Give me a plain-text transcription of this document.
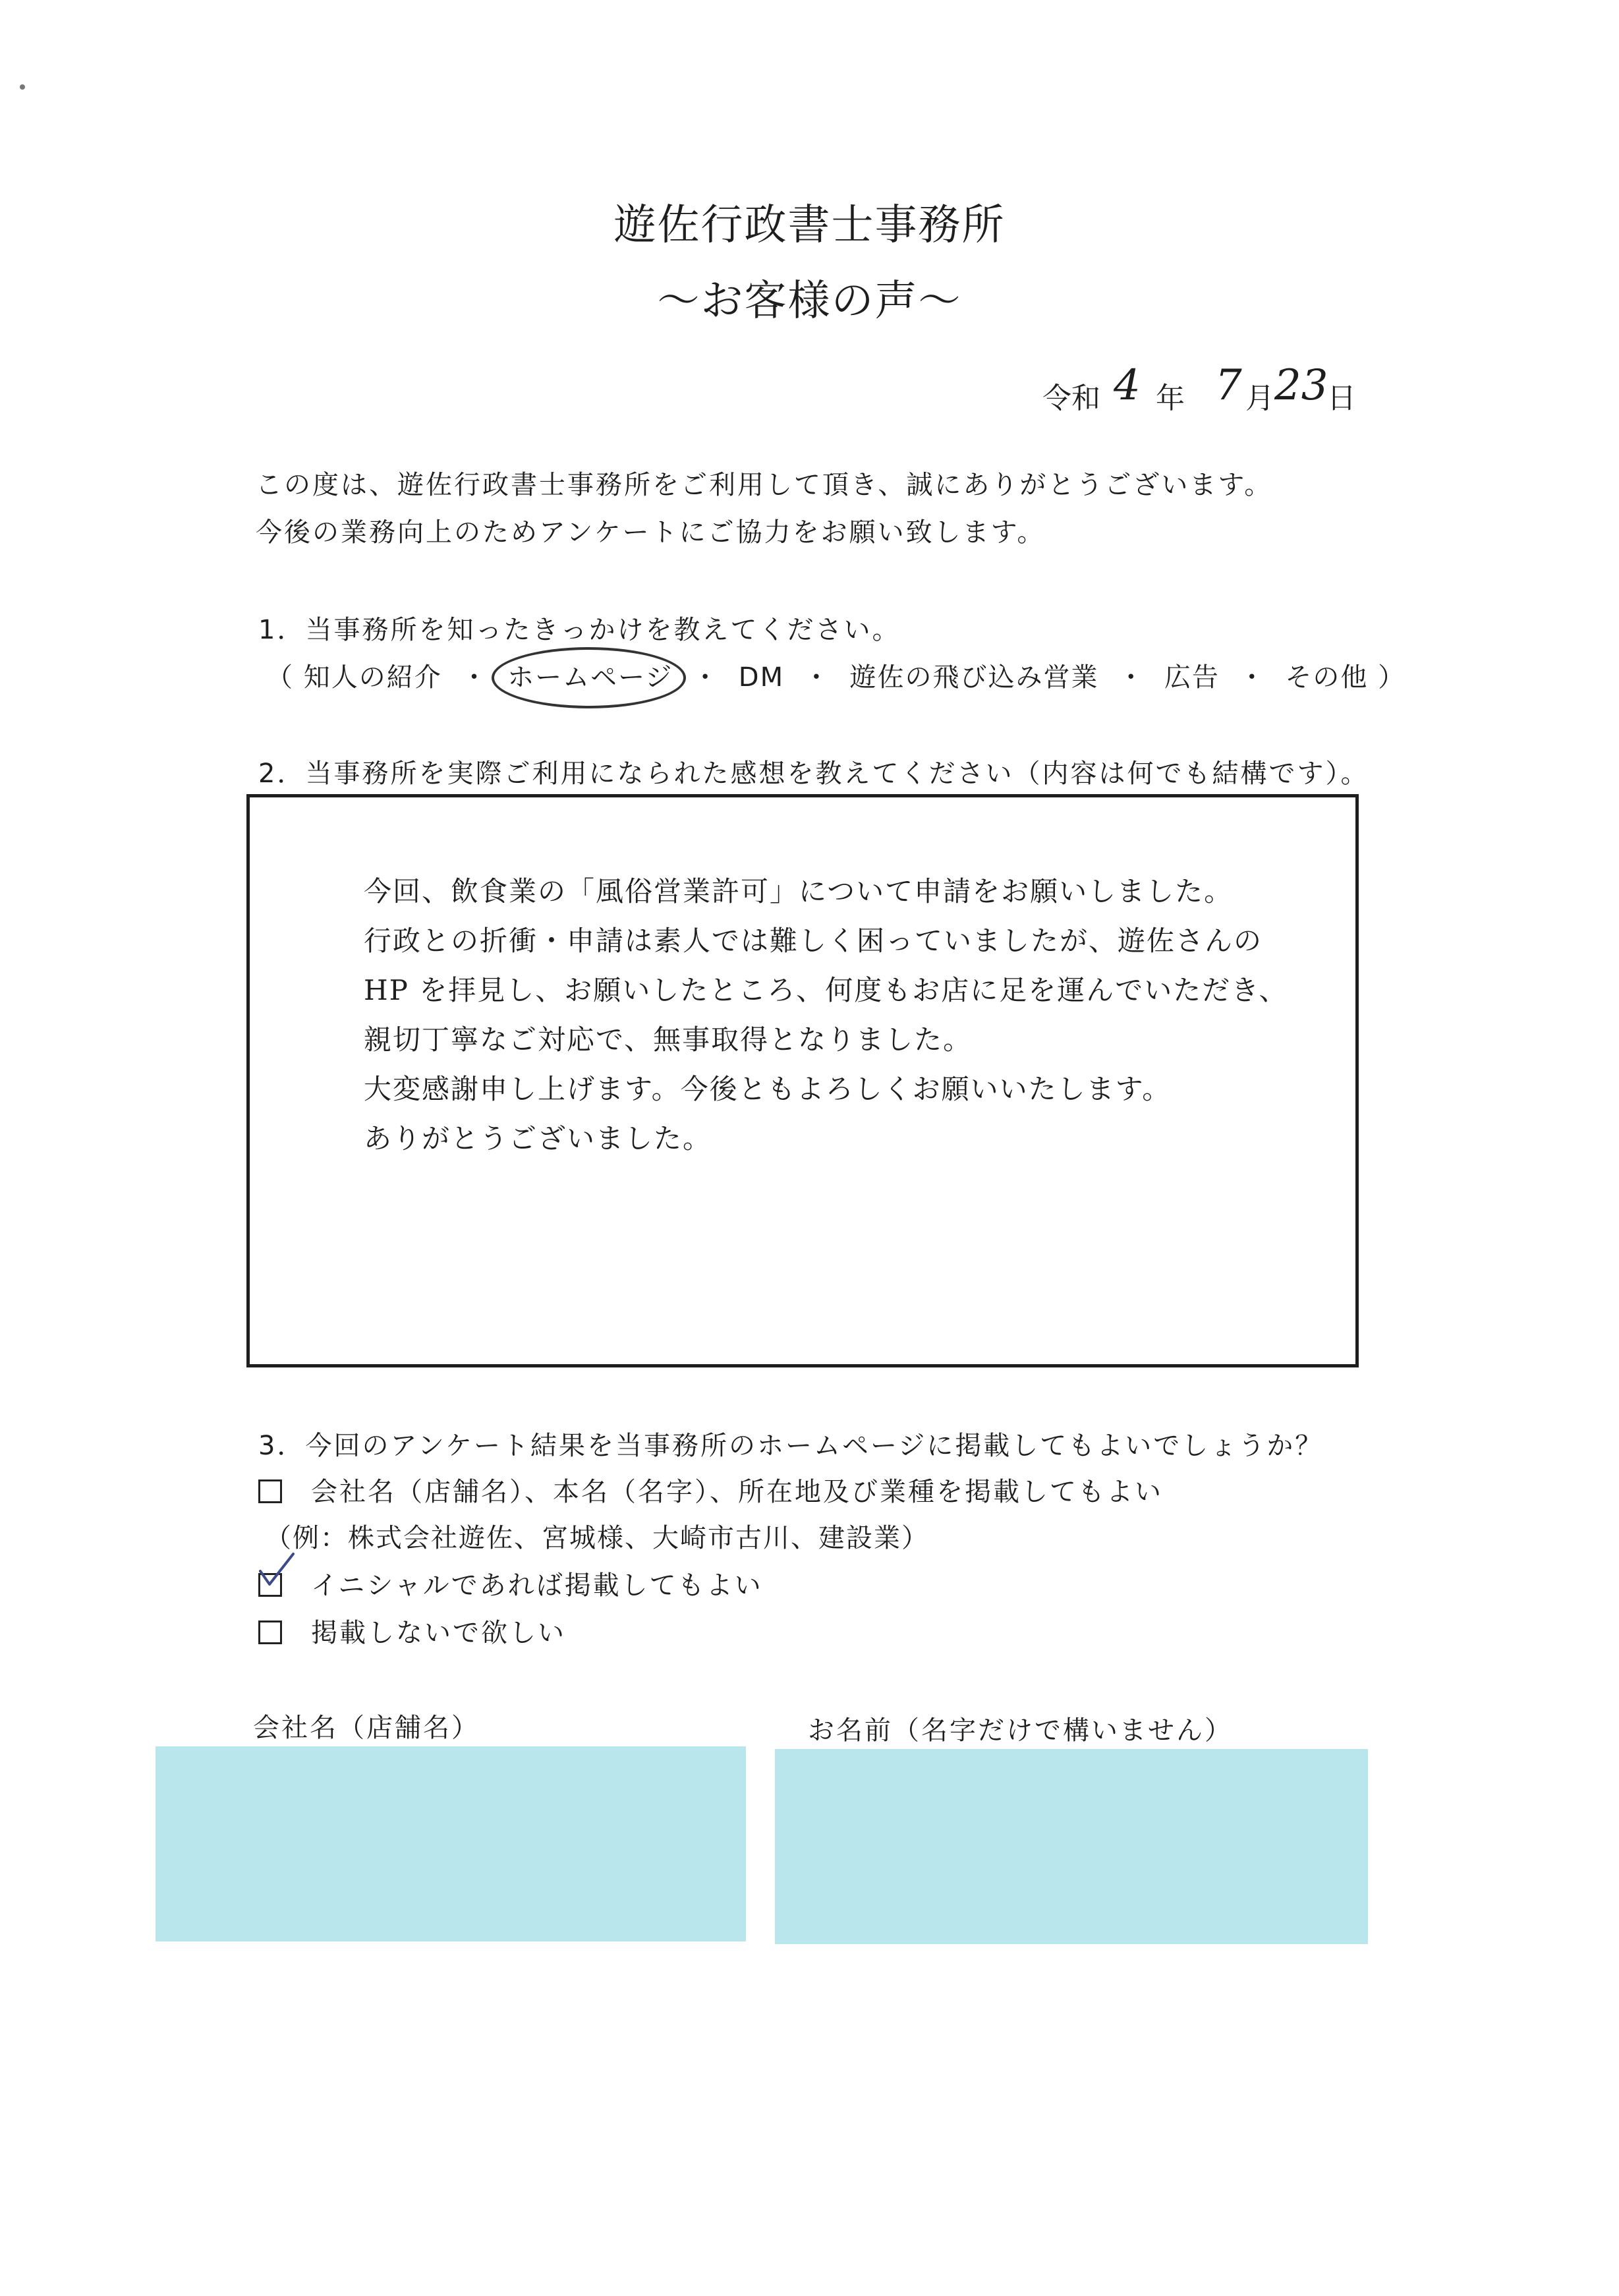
遊佐行政書士事務所
～お客様の声～
令和 4 年 7 月 23
日
この度は、遊佐行政書士事務所をご利用して頂き、誠にありがとうございます。
今後の業務向上のためアンケートにご協力をお願い致します。
1．当事務所を知ったきっかけを教えてください。
（ 知人の紹介 ・ ホームページ ・ DM ・ 遊佐の飛び込み営業 ・ 広告 ・ その他 ）
2．当事務所を実際ご利用になられた感想を教えてください（内容は何でも結構です）。
今回、飲食業の「風俗営業許可」について申請をお願いしました。
行政との折衝・申請は素人では難しく困っていましたが、遊佐さんの
HP を拝見し、お願いしたところ、何度もお店に足を運んでいただき、
親切丁寧なご対応で、無事取得となりました。
大変感謝申し上げます。今後ともよろしくお願いいたします。
ありがとうございました。
3．今回のアンケート結果を当事務所のホームページに掲載してもよいでしょうか？
会社名（店舗名）、本名（名字）、所在地及び業種を掲載してもよい
（例：株式会社遊佐、宮城様、大崎市古川、建設業）
イニシャルであれば掲載してもよい
掲載しないで欲しい
会社名（店舗名）	お名前（名字だけで構いません）
